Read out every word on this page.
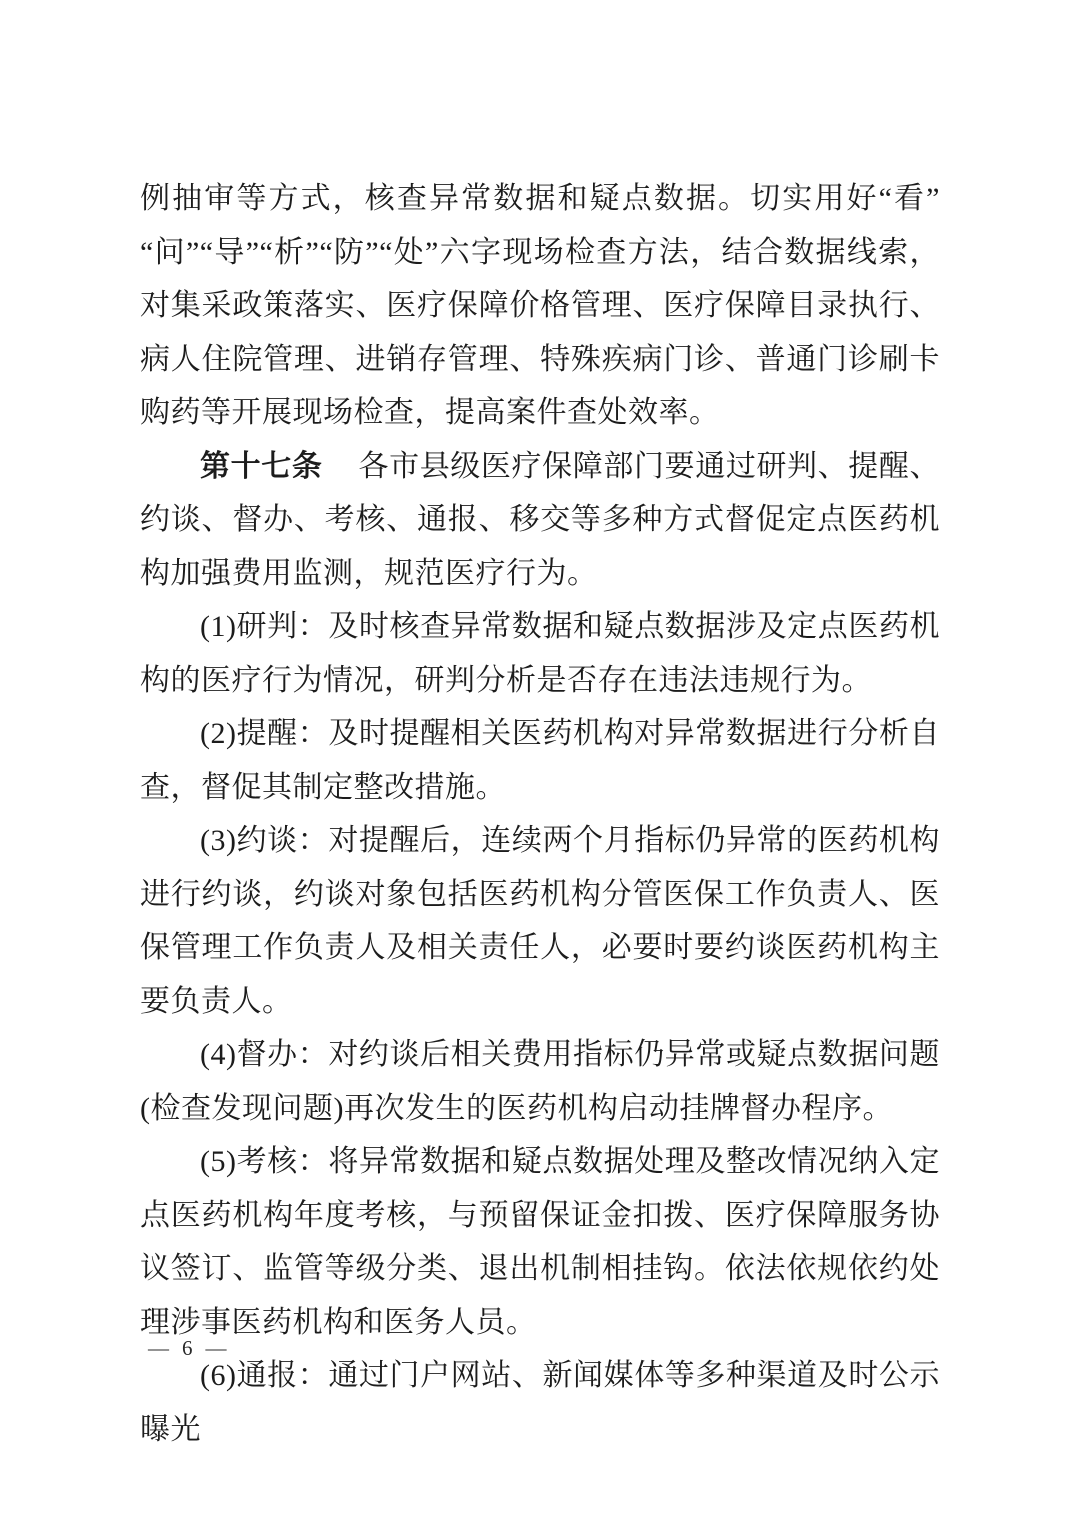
例抽审等方式，核查异常数据和疑点数据。切实用好“看”“问”“导”“析”“防”“处”六字现场检查方法，结合数据线索，对集采政策落实、医疗保障价格管理、医疗保障目录执行、病人住院管理、进销存管理、特殊疾病门诊、普通门诊刷卡购药等开展现场检查，提高案件查处效率。

第十七条 各市县级医疗保障部门要通过研判、提醒、约谈、督办、考核、通报、移交等多种方式督促定点医药机构加强费用监测，规范医疗行为。

(1)研判：及时核查异常数据和疑点数据涉及定点医药机构的医疗行为情况，研判分析是否存在违法违规行为。

(2)提醒：及时提醒相关医药机构对异常数据进行分析自查，督促其制定整改措施。

(3)约谈：对提醒后，连续两个月指标仍异常的医药机构进行约谈，约谈对象包括医药机构分管医保工作负责人、医保管理工作负责人及相关责任人，必要时要约谈医药机构主要负责人。

(4)督办：对约谈后相关费用指标仍异常或疑点数据问题(检查发现问题)再次发生的医药机构启动挂牌督办程序。

(5)考核：将异常数据和疑点数据处理及整改情况纳入定点医药机构年度考核，与预留保证金扣拨、医疗保障服务协议签订、监管等级分类、退出机制相挂钩。依法依规依约处理涉事医药机构和医务人员。

(6)通报：通过门户网站、新闻媒体等多种渠道及时公示曝光

— 6 —
